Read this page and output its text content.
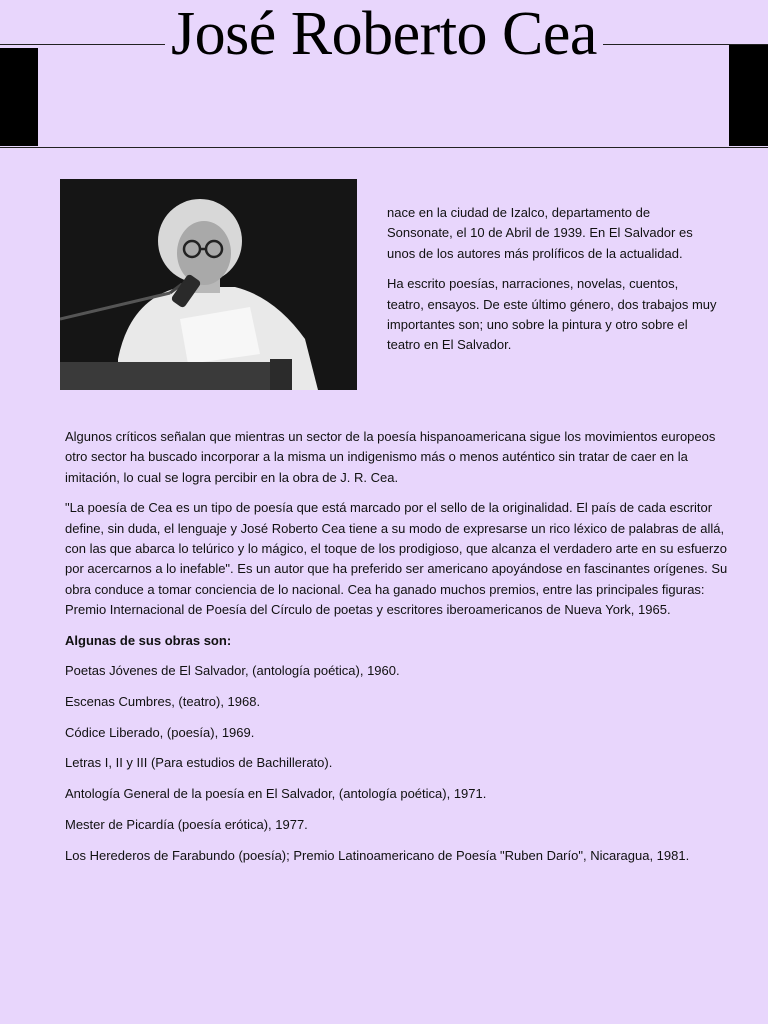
José Roberto Cea

nace en la ciudad de Izalco, departamento de Sonsonate, el 10 de Abril de 1939. En El Salvador es unos de los autores más prolíficos de la actualidad.

Ha escrito poesías, narraciones, novelas, cuentos, teatro, ensayos. De este último género, dos trabajos muy importantes son; uno sobre la pintura y otro sobre el teatro en El Salvador.

Algunos críticos señalan que mientras un sector de la poesía hispanoamericana sigue los movimientos europeos otro sector ha buscado incorporar a la misma un indigenismo más o menos auténtico sin tratar de caer en la imitación, lo cual se logra percibir en la obra de J. R. Cea.

"La poesía de Cea es un tipo de poesía que está marcado por el sello de la originalidad. El país de cada escritor define, sin duda, el lenguaje y José Roberto Cea tiene a su modo de expresarse un rico léxico de palabras de allá, con las que abarca lo telúrico y lo mágico, el toque de los prodigioso, que alcanza el verdadero arte en su esfuerzo por acercarnos a lo inefable". Es un autor que ha preferido ser americano apoyándose en fascinantes orígenes. Su obra conduce a tomar conciencia de lo nacional. Cea ha ganado muchos premios, entre las principales figuras: Premio Internacional de Poesía del Círculo de poetas y escritores iberoamericanos de Nueva York, 1965.

Algunas de sus obras son:

Poetas Jóvenes de El Salvador, (antología poética), 1960.
Escenas Cumbres, (teatro), 1968.
Códice Liberado, (poesía), 1969.
Letras I, II y III (Para estudios de Bachillerato).
Antología General de la poesía en El Salvador, (antología poética), 1971.
Mester de Picardía (poesía erótica), 1977.
Los Herederos de Farabundo (poesía); Premio Latinoamericano de Poesía "Ruben Darío", Nicaragua, 1981.
